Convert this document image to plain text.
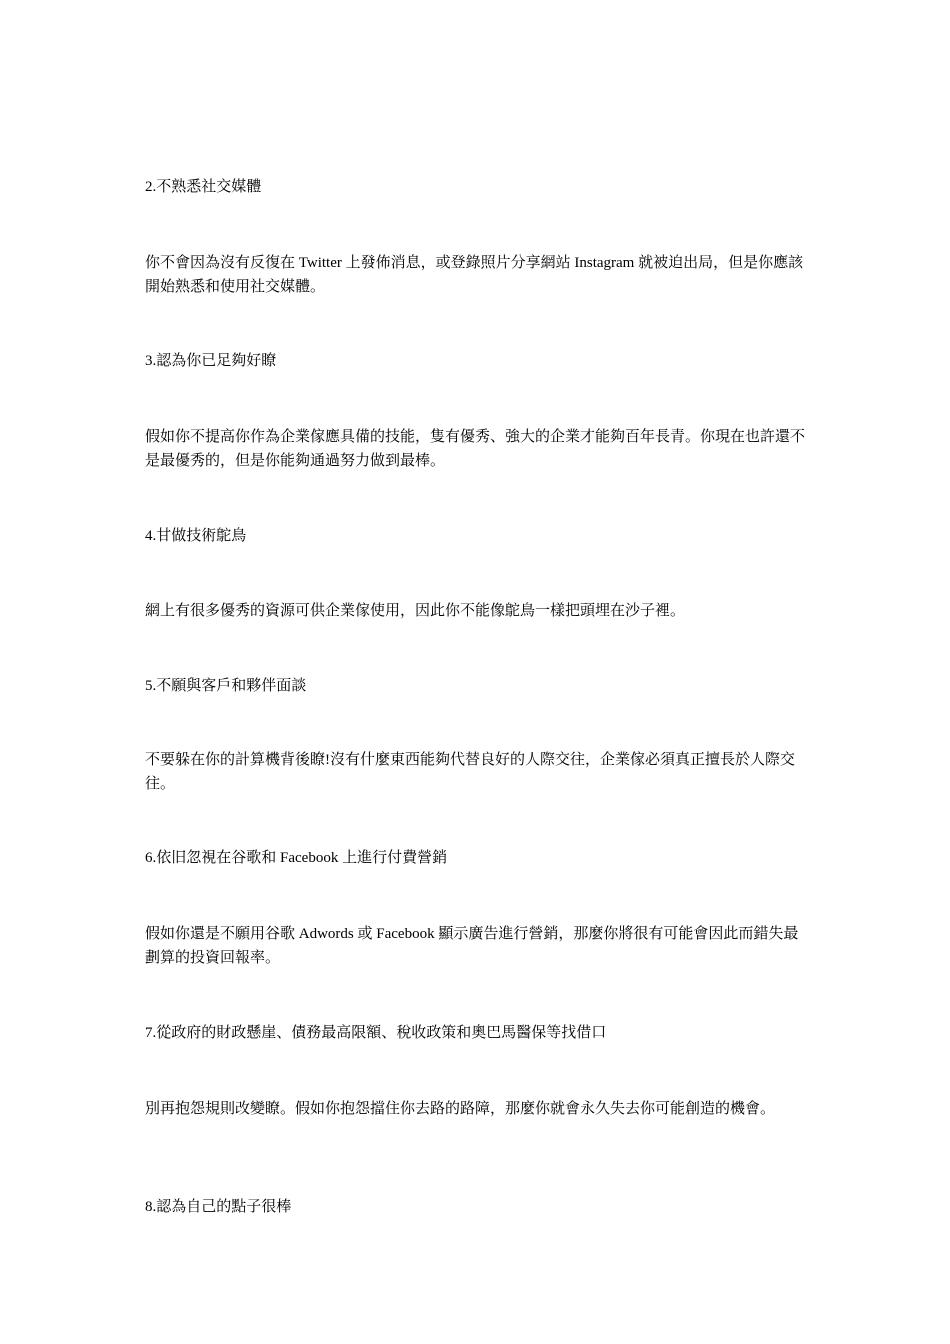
2.不熟悉社交媒體
你不會因為沒有反復在 Twitter 上發佈消息，或登錄照片分享網站 Instagram 就被迫出局，但是你應該開始熟悉和使用社交媒體。
3.認為你已足夠好瞭
假如你不提高你作為企業傢應具備的技能，隻有優秀、強大的企業才能夠百年長青。你現在也許還不是最優秀的，但是你能夠通過努力做到最棒。
4.甘做技術鴕鳥
網上有很多優秀的資源可供企業傢使用，因此你不能像鴕鳥一樣把頭埋在沙子裡。
5.不願與客戶和夥伴面談
不要躲在你的計算機背後瞭!沒有什麼東西能夠代替良好的人際交往，企業傢必須真正擅長於人際交往。
6.依旧忽視在谷歌和 Facebook 上進行付費營銷
假如你還是不願用谷歌 Adwords 或 Facebook 顯示廣告進行營銷，那麼你將很有可能會因此而錯失最劃算的投資回報率。
7.從政府的財政懸崖、債務最高限額、稅收政策和奧巴馬醫保等找借口
別再抱怨規則改變瞭。假如你抱怨擋住你去路的路障，那麼你就會永久失去你可能創造的機會。
8.認為自己的點子很棒
